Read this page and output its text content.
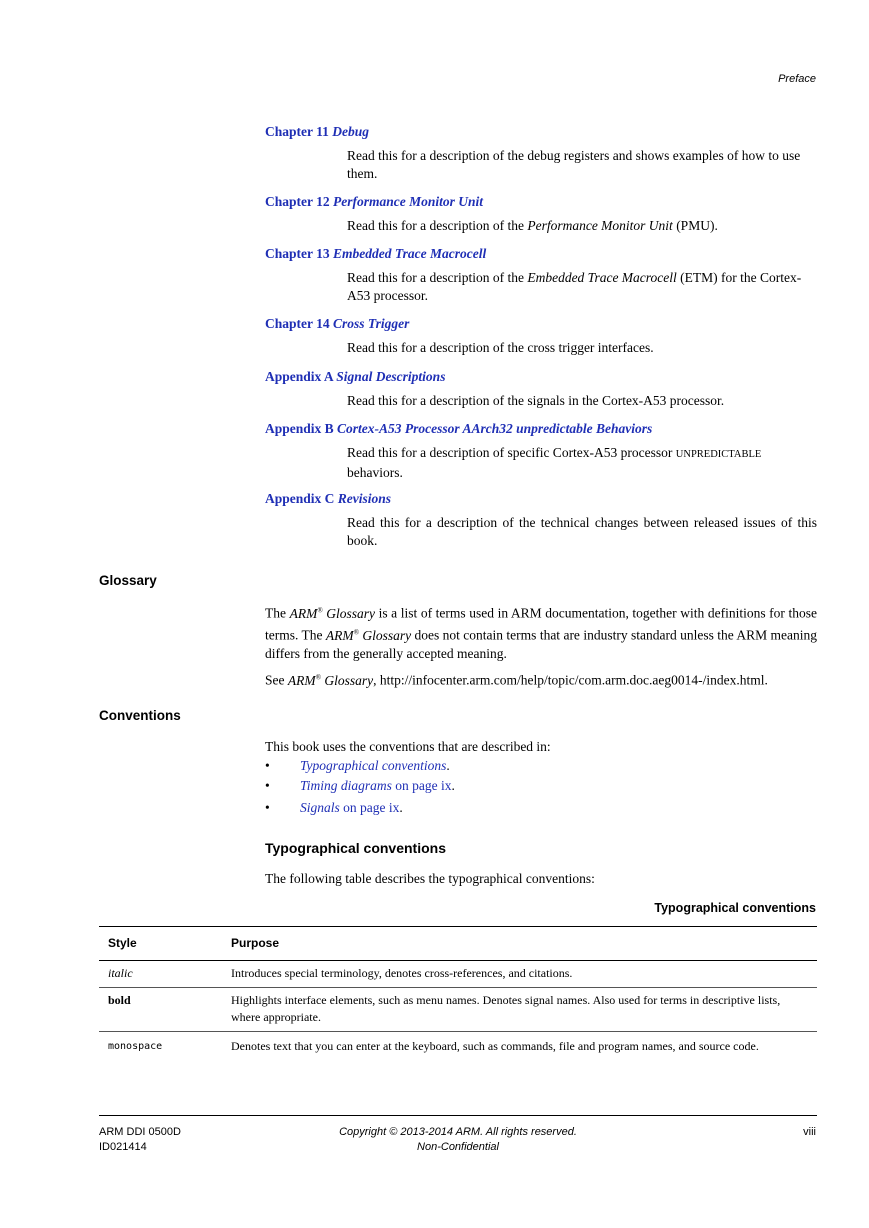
Preface
Chapter 11 Debug
Read this for a description of the debug registers and shows examples of how to use them.
Chapter 12 Performance Monitor Unit
Read this for a description of the Performance Monitor Unit (PMU).
Chapter 13 Embedded Trace Macrocell
Read this for a description of the Embedded Trace Macrocell (ETM) for the Cortex-A53 processor.
Chapter 14 Cross Trigger
Read this for a description of the cross trigger interfaces.
Appendix A Signal Descriptions
Read this for a description of the signals in the Cortex-A53 processor.
Appendix B Cortex-A53 Processor AArch32 unpredictable Behaviors
Read this for a description of specific Cortex-A53 processor UNPREDICTABLE behaviors.
Appendix C Revisions
Read this for a description of the technical changes between released issues of this book.
Glossary
The ARM® Glossary is a list of terms used in ARM documentation, together with definitions for those terms. The ARM® Glossary does not contain terms that are industry standard unless the ARM meaning differs from the generally accepted meaning.
See ARM® Glossary, http://infocenter.arm.com/help/topic/com.arm.doc.aeg0014-/index.html.
Conventions
This book uses the conventions that are described in:
• Typographical conventions.
• Timing diagrams on page ix.
• Signals on page ix.
Typographical conventions
The following table describes the typographical conventions:
Typographical conventions
Style	Purpose
italic	Introduces special terminology, denotes cross-references, and citations.
bold	Highlights interface elements, such as menu names. Denotes signal names. Also used for terms in descriptive lists, where appropriate.
monospace	Denotes text that you can enter at the keyboard, such as commands, file and program names, and source code.
ARM DDI 0500D
ID021414
Copyright © 2013-2014 ARM. All rights reserved.
Non-Confidential
viii
